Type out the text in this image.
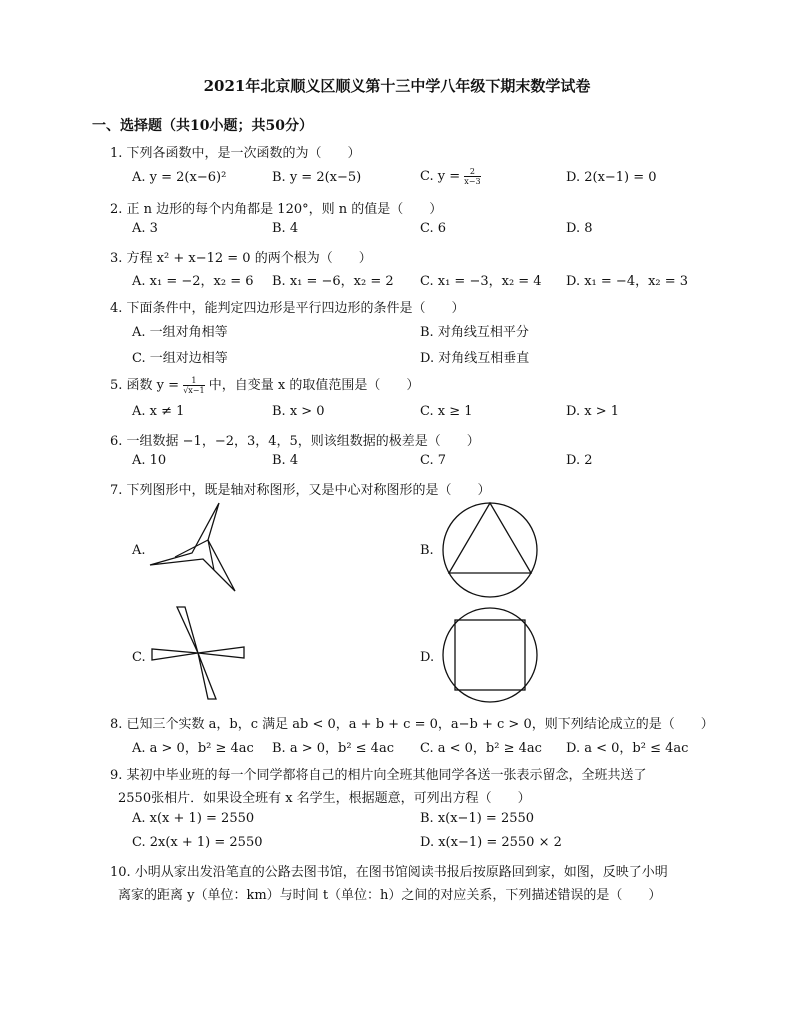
2021年北京顺义区顺义第十三中学八年级下期末数学试卷
一、选择题（共10小题；共50分）
1. 下列各函数中，是一次函数的为（　　）
A. y = 2(x−6)²	B. y = 2(x−5)	C. $y = \frac{2}{x-3}$	D. 2(x−1) = 0
2. 正 n 边形的每个内角都是 120°，则 n 的值是（　　）
A. 3	B. 4	C. 6	D. 8
3. 方程 x² + x−12 = 0 的两个根为（　　）
A. x₁ = −2，x₂ = 6 B. x₁ = −6，x₂ = 2 C. x₁ = −3，x₂ = 4 D. x₁ = −4，x₂ = 3
4. 下面条件中，能判定四边形是平行四边形的条件是（　　）
A. 一组对角相等	B. 对角线互相平分
C. 一组对边相等	D. 对角线互相垂直
5. 函数 $y = \frac{1}{√x-1}$ 中，自变量 x 的取值范围是（　　）
A. x ≠ 1	B. x > 0	C. x ≥ 1	D. x > 1
6. 一组数据 −1，−2，3，4，5，则该组数据的极差是（　　）
A. 10	B. 4	C. 7	D. 2
7. 下列图形中，既是轴对称图形，又是中心对称图形的是（　　）
A.	B.
C.	D.
8. 已知三个实数 a，b，c 满足 ab < 0，a + b + c = 0，a−b + c > 0，则下列结论成立的是（　　）
A. a > 0，b² ≥ 4ac B. a > 0，b² ≤ 4ac C. a < 0，b² ≥ 4ac D. a < 0，b² ≤ 4ac
9. 某初中毕业班的每一个同学都将自己的相片向全班其他同学各送一张表示留念，全班共送了
2550张相片．如果设全班有 x 名学生，根据题意，可列出方程（　　）
A. x(x + 1) = 2550	B. x(x−1) = 2550
C. 2x(x + 1) = 2550	D. x(x−1) = 2550 × 2
10. 小明从家出发沿笔直的公路去图书馆，在图书馆阅读书报后按原路回到家，如图，反映了小明
离家的距离 y（单位：km）与时间 t（单位：h）之间的对应关系，下列描述错误的是（　　）
